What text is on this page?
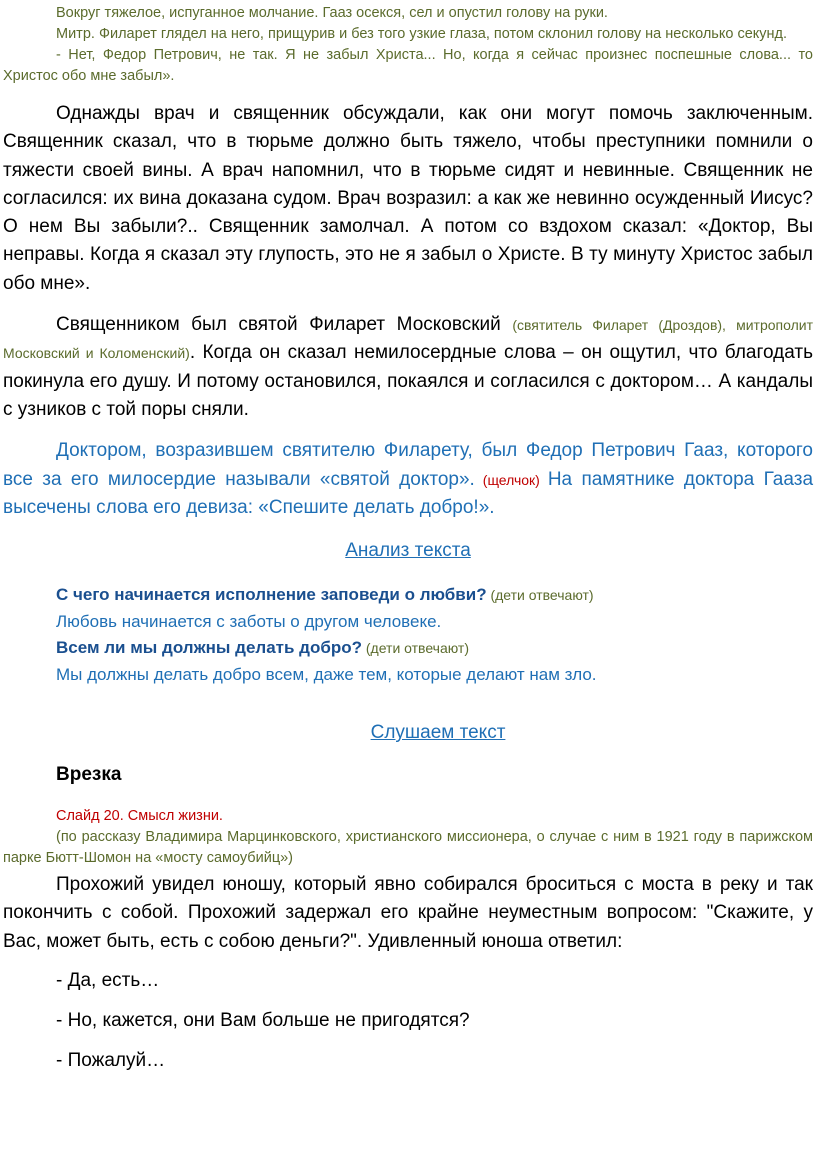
Вокруг тяжелое, испуганное молчание. Гааз осекся, сел и опустил голову на руки.

Митр. Филарет глядел на него, прищурив и без того узкие глаза, потом склонил голову на несколько секунд.

- Нет, Федор Петрович, не так. Я не забыл Христа... Но, когда я сейчас произнес поспешные слова... то Христос обо мне забыл».

Однажды врач и священник обсуждали, как они могут помочь заключенным. Священник сказал, что в тюрьме должно быть тяжело, чтобы преступники помнили о тяжести своей вины. А врач напомнил, что в тюрьме сидят и невинные. Священник не согласился: их вина доказана судом. Врач возразил: а как же невинно осужденный Иисус? О нем Вы забыли?.. Священник замолчал. А потом со вздохом сказал: «Доктор, Вы неправы. Когда я сказал эту глупость, это не я забыл о Христе. В ту минуту Христос забыл обо мне».

Священником был святой Филарет Московский (святитель Филарет (Дроздов), митрополит Московский и Коломенский). Когда он сказал немилосердные слова – он ощутил, что благодать покинула его душу. И потому остановился, покаялся и согласился с доктором… А кандалы с узников с той поры сняли.

Доктором, возразившем святителю Филарету, был Федор Петрович Гааз, которого все за его милосердие называли «святой доктор». (щелчок) На памятнике доктора Гааза высечены слова его девиза: «Спешите делать добро!».

Анализ текста

С чего начинается исполнение заповеди о любви? (дети отвечают)

Любовь начинается с заботы о другом человеке.

Всем ли мы должны делать добро? (дети отвечают)

Мы должны делать добро всем, даже тем, которые делают нам зло.

Слушаем текст

Врезка

Слайд 20. Смысл жизни.

(по рассказу Владимира Марцинковского, христианского миссионера, о случае с ним в 1921 году в парижском парке Бютт-Шомон на «мосту самоубийц»)

Прохожий увидел юношу, который явно собирался броситься с моста в реку и так покончить с собой. Прохожий задержал его крайне неуместным вопросом: "Скажите, у Вас, может быть, есть с собою деньги?". Удивленный юноша ответил:

- Да, есть…

- Но, кажется, они Вам больше не пригодятся?

- Пожалуй…
